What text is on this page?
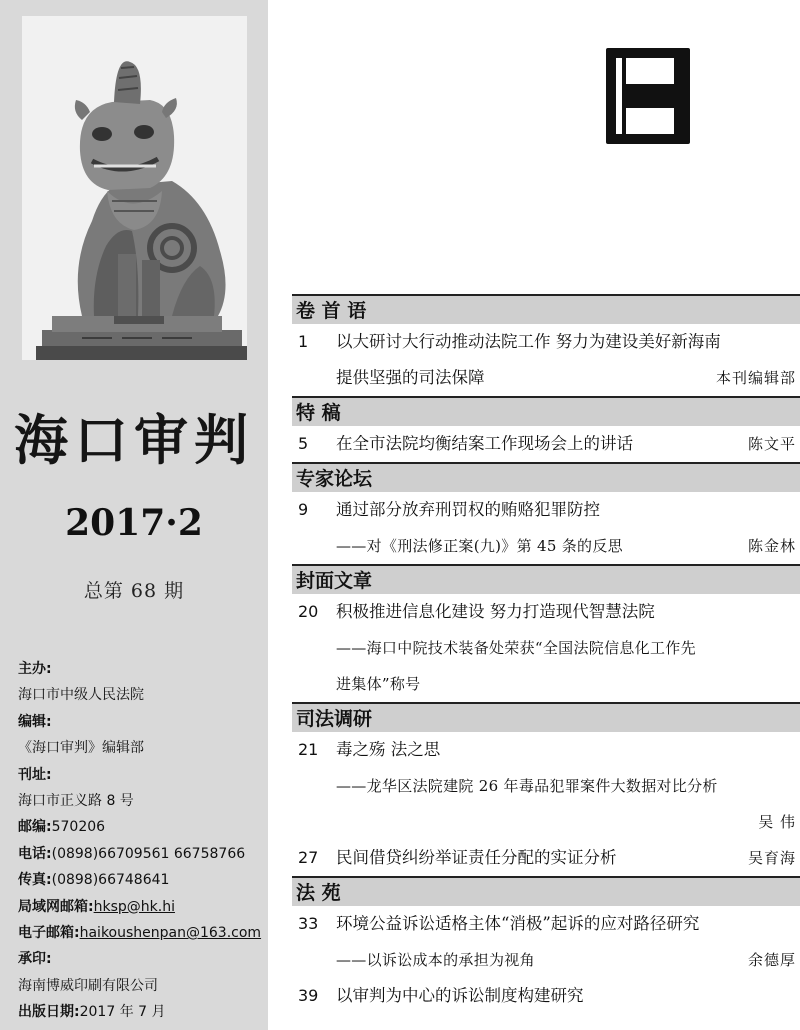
海口审判
2017·2
总第 68 期
主办:
海口市中级人民法院
编辑:
《海口审判》编辑部
刊址:
海口市正义路 8 号
邮编:570206
电话:(0898)66709561 66758766
传真:(0898)66748641
局域网邮箱:hksp@hk.hi
电子邮箱:haikoushenpan@163.com
承印:
海南博威印刷有限公司
出版日期:2017 年 7 月
卷 首 语
1 以大研讨大行动推动法院工作 努力为建设美好新海南
提供坚强的司法保障	本刊编辑部
特 稿
5 在全市法院均衡结案工作现场会上的讲话	陈文平
专家论坛
9 通过部分放弃刑罚权的贿赂犯罪防控
——对《刑法修正案(九)》第 45 条的反思	陈金林
封面文章
20 积极推进信息化建设 努力打造现代智慧法院
——海口中院技术装备处荣获“全国法院信息化工作先
进集体”称号
司法调研
21 毒之殇 法之思
——龙华区法院建院 26 年毒品犯罪案件大数据对比分析
吴 伟
27 民间借贷纠纷举证责任分配的实证分析	吴育海
法 苑
33 环境公益诉讼适格主体“消极”起诉的应对路径研究
——以诉讼成本的承担为视角	余德厚
39 以审判为中心的诉讼制度构建研究
